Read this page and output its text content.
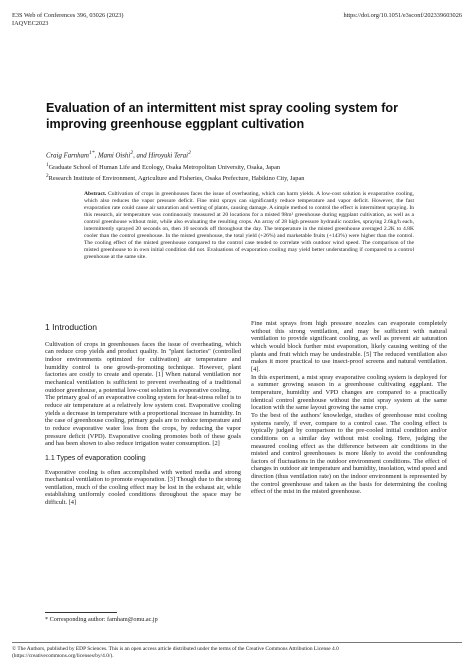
E3S Web of Conferences 396, 03026 (2023)
IAQVEC2023
https://doi.org/10.1051/e3sconf/202339603026
Evaluation of an intermittent mist spray cooling system for improving greenhouse eggplant cultivation
Craig Farnham$^{1*}$, Mami Oishi$^2$, and Hiroyuki Terai$^2$
$^1$Graduate School of Human Life and Ecology, Osaka Metropolitan University, Osaka, Japan
$^2$Research Institute of Environment, Agriculture and Fisheries, Osaka Prefecture, Habikino City, Japan

Abstract. Cultivation of crops in greenhouses faces the issue of overheating, which can harm yields. A low-cost solution is evaporative cooling, which also reduces the vapor pressure deficit. Fine mist sprays can significantly reduce temperature and vapor deficit. However, the fast evaporation rate could cause air saturation and wetting of plants, causing damage. A simple method to control the effect is intermittent spraying. In this research, air temperature was continuously measured at 20 locations for a misted 98m² greenhouse during eggplant cultivation, as well as a control greenhouse without mist, while also evaluating the resulting crops. An array of 28 high pressure hydraulic nozzles, spraying 2.6kg/h each, intermittently sprayed 20 seconds on, then 10 seconds off throughout the day. The temperature in the misted greenhouse averaged 2.2K to 4.8K cooler than the control greenhouse. In the misted greenhouse, the total yield (+26%) and marketable fruits (+143%) were higher than the control. The cooling effect of the misted greenhouse compared to the control case tended to correlate with outdoor wind speed. The comparison of the misted greenhouse to in own initial condition did not. Evaluations of evaporation cooling may yield better understanding if compared to a control greenhouse at the same site.

1 Introduction

Cultivation of crops in greenhouses faces the issue of overheating, which can reduce crop yields and product quality. In "plant factories" (controlled indoor environments optimized for cultivation) air temperature and humidity control is one growth-promoting technique. However, plant factories are costly to create and operate. [1] When natural ventilation nor mechanical ventilation is sufficient to prevent overheating of a traditional outdoor greenhouse, a potential low-cost solution is evaporative cooling.

The primary goal of an evaporative cooling system for heat-stress relief is to reduce air temperature at a relatively low system cost. Evaporative cooling yields a decrease in temperature with a proportional increase in humidity. In the case of greenhouse cooling, primary goals are to reduce temperature and to reduce evaporative water loss from the crops, by reducing the vapor pressure deficit (VPD). Evaporative cooling promotes both of these goals and has been shown to also reduce irrigation water consumption. [2]

1.1 Types of evaporation cooling

Evaporative cooling is often accomplished with wetted media and strong mechanical ventilation to promote evaporation. [3] Though due to the strong ventilation, much of the cooling effect may be lost in the exhaust air, while establishing uniformly cooled conditions throughout the space may be difficult. [4]

Fine mist sprays from high pressure nozzles can evaporate completely without this strong ventilation, and may be sufficient with natural ventilation to provide significant cooling, as well as prevent air saturation which would block further mist evaporation, likely causing wetting of the plants and fruit which may be undesirable. [5] The reduced ventilation also makes it more practical to use insect-proof screens and natural ventilation. [4].

In this experiment, a mist spray evaporative cooling system is deployed for a summer growing season in a greenhouse cultivating eggplant. The temperature, humidity and VPD changes are compared to a practically identical control greenhouse without the mist spray system at the same location with the same layout growing the same crop.

To the best of the authors' knowledge, studies of greenhouse mist cooling systems rarely, if ever, compare to a control case. The cooling effect is typically judged by comparison to the pre-cooled initial condition and/or conditions on a similar day without mist cooling. Here, judging the measured cooling effect as the difference between air conditions in the misted and control greenhouses is more likely to avoid the confounding factors of fluctuations in the outdoor environment conditions. The effect of changes in outdoor air temperature and humidity, insolation, wind speed and direction (thus ventilation rate) on the indoor environment is represented by the control greenhouse and taken as the basis for determining the cooling effect of the mist in the misted greenhouse.

* Corresponding author: farnham@omu.ac.jp
© The Authors, published by EDP Sciences. This is an open access article distributed under the terms of the Creative Commons Attribution License 4.0
(https://creativecommons.org/licenses/by/4.0/).
